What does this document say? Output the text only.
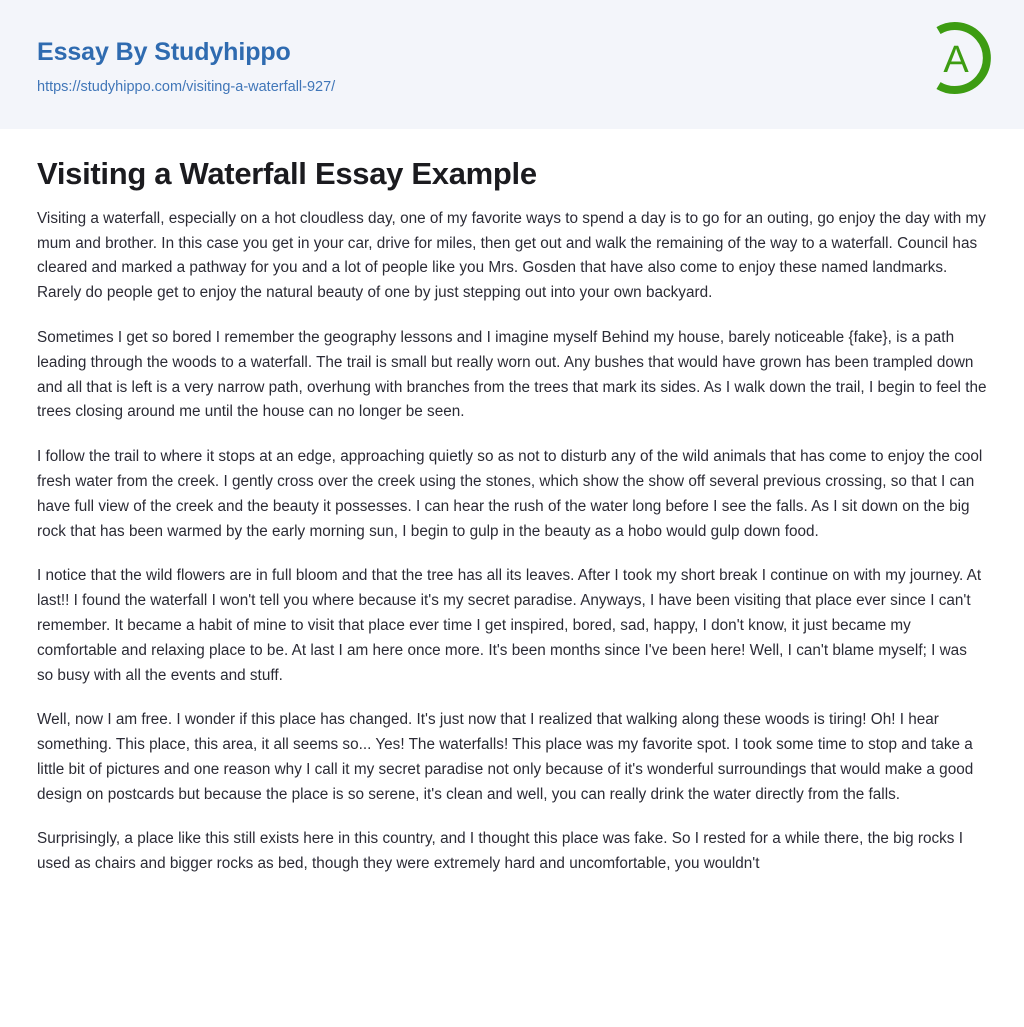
Essay By Studyhippo
https://studyhippo.com/visiting-a-waterfall-927/
A
Visiting a Waterfall Essay Example

Visiting a waterfall, especially on a hot cloudless day, one of my favorite ways to spend a day is to go for an outing, go enjoy the day with my mum and brother. In this case you get in your car, drive for miles, then get out and walk the remaining of the way to a waterfall. Council has cleared and marked a pathway for you and a lot of people like you Mrs. Gosden that have also come to enjoy these named landmarks. Rarely do people get to enjoy the natural beauty of one by just stepping out into your own backyard.

Sometimes I get so bored I remember the geography lessons and I imagine myself Behind my house, barely noticeable {fake}, is a path leading through the woods to a waterfall. The trail is small but really worn out. Any bushes that would have grown has been trampled down and all that is left is a very narrow path, overhung with branches from the trees that mark its sides. As I walk down the trail, I begin to feel the trees closing around me until the house can no longer be seen.

I follow the trail to where it stops at an edge, approaching quietly so as not to disturb any of the wild animals that has come to enjoy the cool fresh water from the creek. I gently cross over the creek using the stones, which show the show off several previous crossing, so that I can have full view of the creek and the beauty it possesses. I can hear the rush of the water long before I see the falls. As I sit down on the big rock that has been warmed by the early morning sun, I begin to gulp in the beauty as a hobo would gulp down food.

I notice that the wild flowers are in full bloom and that the tree has all its leaves. After I took my short break I continue on with my journey. At last!! I found the waterfall I won't tell you where because it's my secret paradise. Anyways, I have been visiting that place ever since I can't remember. It became a habit of mine to visit that place ever time I get inspired, bored, sad, happy, I don't know, it just became my comfortable and relaxing place to be. At last I am here once more. It's been months since I've been here! Well, I can't blame myself; I was so busy with all the events and stuff.

Well, now I am free. I wonder if this place has changed. It's just now that I realized that walking along these woods is tiring! Oh! I hear something. This place, this area, it all seems so... Yes! The waterfalls! This place was my favorite spot. I took some time to stop and take a little bit of pictures and one reason why I call it my secret paradise not only because of it's wonderful surroundings that would make a good design on postcards but because the place is so serene, it's clean and well, you can really drink the water directly from the falls.

Surprisingly, a place like this still exists here in this country, and I thought this place was fake. So I rested for a while there, the big rocks I used as chairs and bigger rocks as bed, though they were extremely hard and uncomfortable, you wouldn't
